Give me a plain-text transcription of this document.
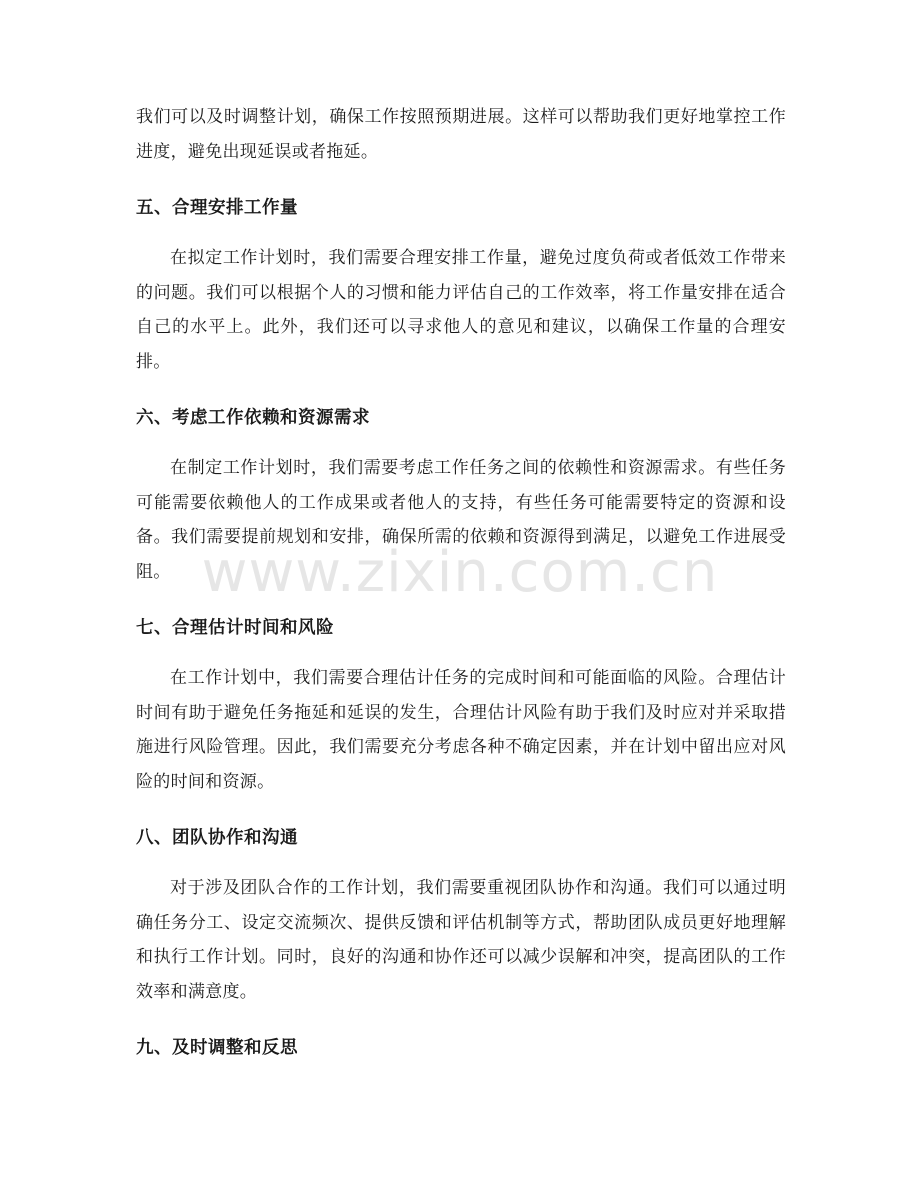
我们可以及时调整计划，确保工作按照预期进展。这样可以帮助我们更好地掌控工作进度，避免出现延误或者拖延。

五、合理安排工作量

在拟定工作计划时，我们需要合理安排工作量，避免过度负荷或者低效工作带来的问题。我们可以根据个人的习惯和能力评估自己的工作效率，将工作量安排在适合自己的水平上。此外，我们还可以寻求他人的意见和建议，以确保工作量的合理安排。

六、考虑工作依赖和资源需求

在制定工作计划时，我们需要考虑工作任务之间的依赖性和资源需求。有些任务可能需要依赖他人的工作成果或者他人的支持，有些任务可能需要特定的资源和设备。我们需要提前规划和安排，确保所需的依赖和资源得到满足，以避免工作进展受阻。

七、合理估计时间和风险

在工作计划中，我们需要合理估计任务的完成时间和可能面临的风险。合理估计时间有助于避免任务拖延和延误的发生，合理估计风险有助于我们及时应对并采取措施进行风险管理。因此，我们需要充分考虑各种不确定因素，并在计划中留出应对风险的时间和资源。

八、团队协作和沟通

对于涉及团队合作的工作计划，我们需要重视团队协作和沟通。我们可以通过明确任务分工、设定交流频次、提供反馈和评估机制等方式，帮助团队成员更好地理解和执行工作计划。同时，良好的沟通和协作还可以减少误解和冲突，提高团队的工作效率和满意度。

九、及时调整和反思
www.zixin.com.cn
